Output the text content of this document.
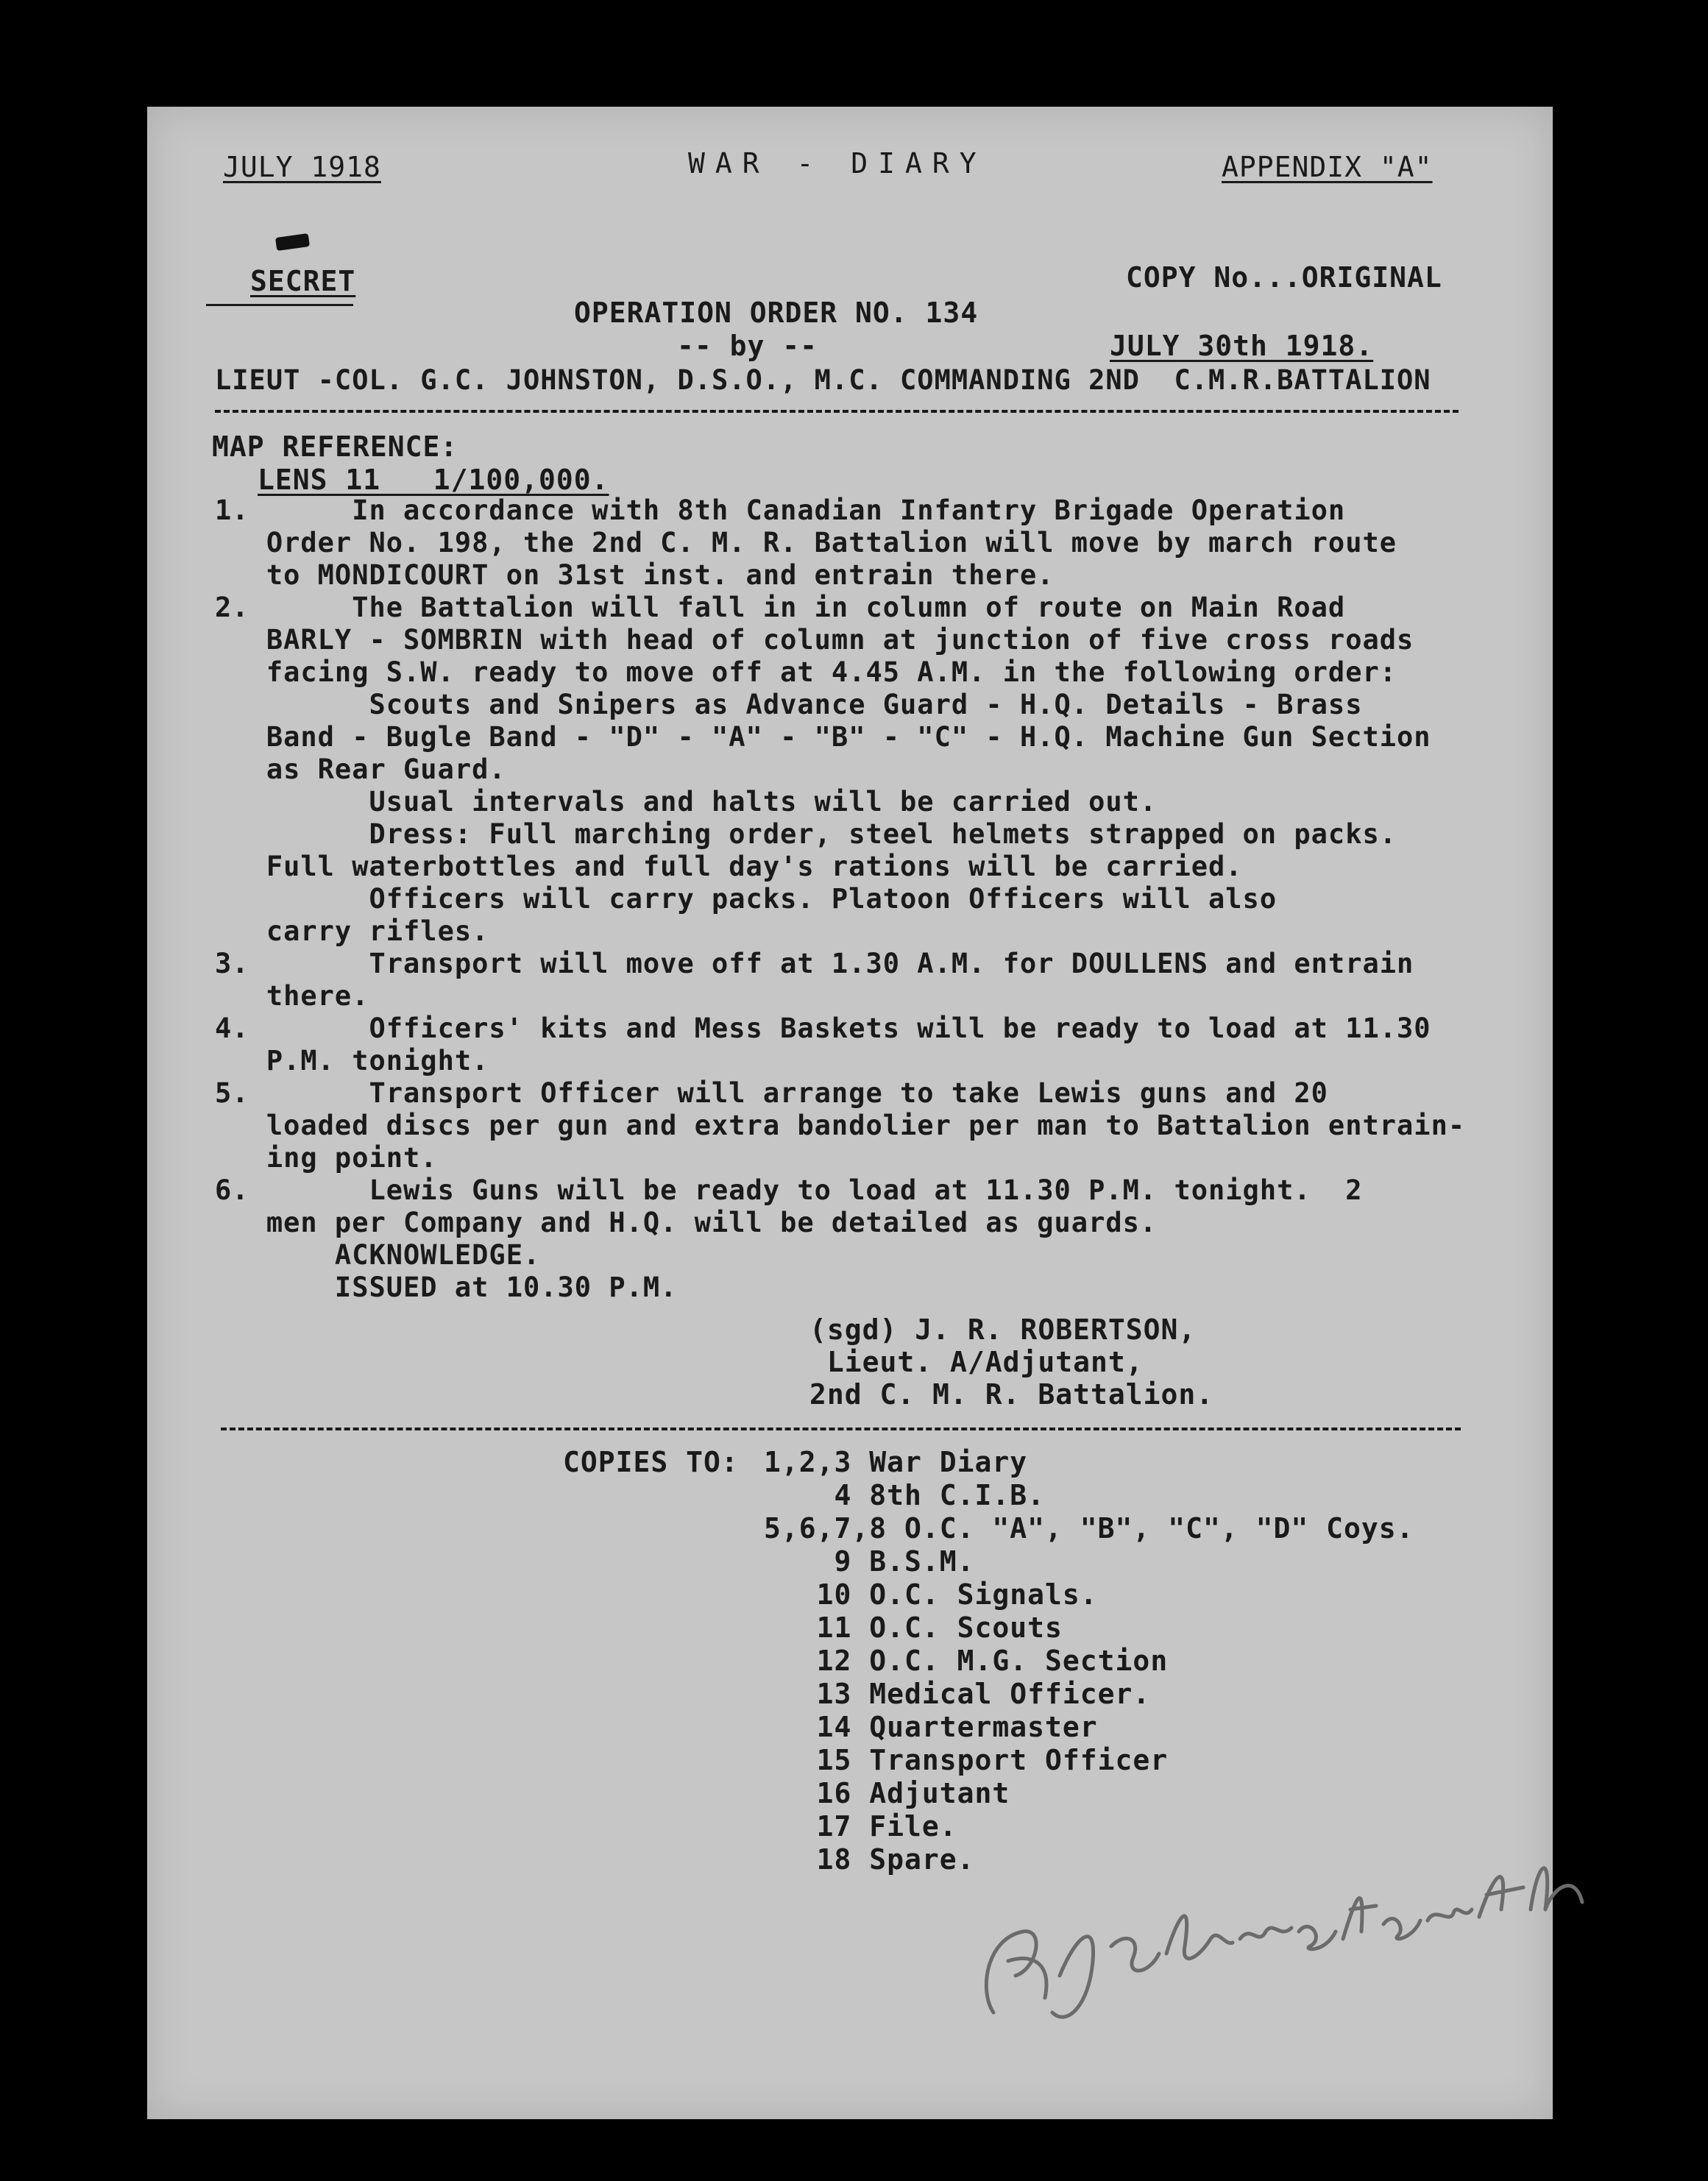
JULY 1918	WAR - DIARY	APPENDIX "A"
SECRET	COPY No...ORIGINAL
OPERATION ORDER NO. 134
-- by --	JULY 30th 1918.
LIEUT -COL. G.C. JOHNSTON, D.S.O., M.C. COMMANDING 2ND  C.M.R.BATTALION
MAP REFERENCE:
LENS 11   1/100,000.
1.      In accordance with 8th Canadian Infantry Brigade Operation
Order No. 198, the 2nd C. M. R. Battalion will move by march route
to MONDICOURT on 31st inst. and entrain there.
2.      The Battalion will fall in in column of route on Main Road
BARLY - SOMBRIN with head of column at junction of five cross roads
facing S.W. ready to move off at 4.45 A.M. in the following order:
Scouts and Snipers as Advance Guard - H.Q. Details - Brass
Band - Bugle Band - "D" - "A" - "B" - "C" - H.Q. Machine Gun Section
as Rear Guard.
Usual intervals and halts will be carried out.
Dress: Full marching order, steel helmets strapped on packs.
Full waterbottles and full day's rations will be carried.
Officers will carry packs. Platoon Officers will also
carry rifles.
3.       Transport will move off at 1.30 A.M. for DOULLENS and entrain
there.
4.       Officers' kits and Mess Baskets will be ready to load at 11.30
P.M. tonight.
5.       Transport Officer will arrange to take Lewis guns and 20
loaded discs per gun and extra bandolier per man to Battalion entrain-
ing point.
6.       Lewis Guns will be ready to load at 11.30 P.M. tonight.  2
men per Company and H.Q. will be detailed as guards.
ACKNOWLEDGE.
ISSUED at 10.30 P.M.
(sgd) J. R. ROBERTSON,
Lieut. A/Adjutant,
2nd C. M. R. Battalion.
COPIES TO: 1,2,3 War Diary
4 8th C.I.B.
5,6,7,8 O.C. "A", "B", "C", "D" Coys.
9 B.S.M.
10 O.C. Signals.
11 O.C. Scouts
12 O.C. M.G. Section
13 Medical Officer.
14 Quartermaster
15 Transport Officer
16 Adjutant
17 File.
18 Spare.
